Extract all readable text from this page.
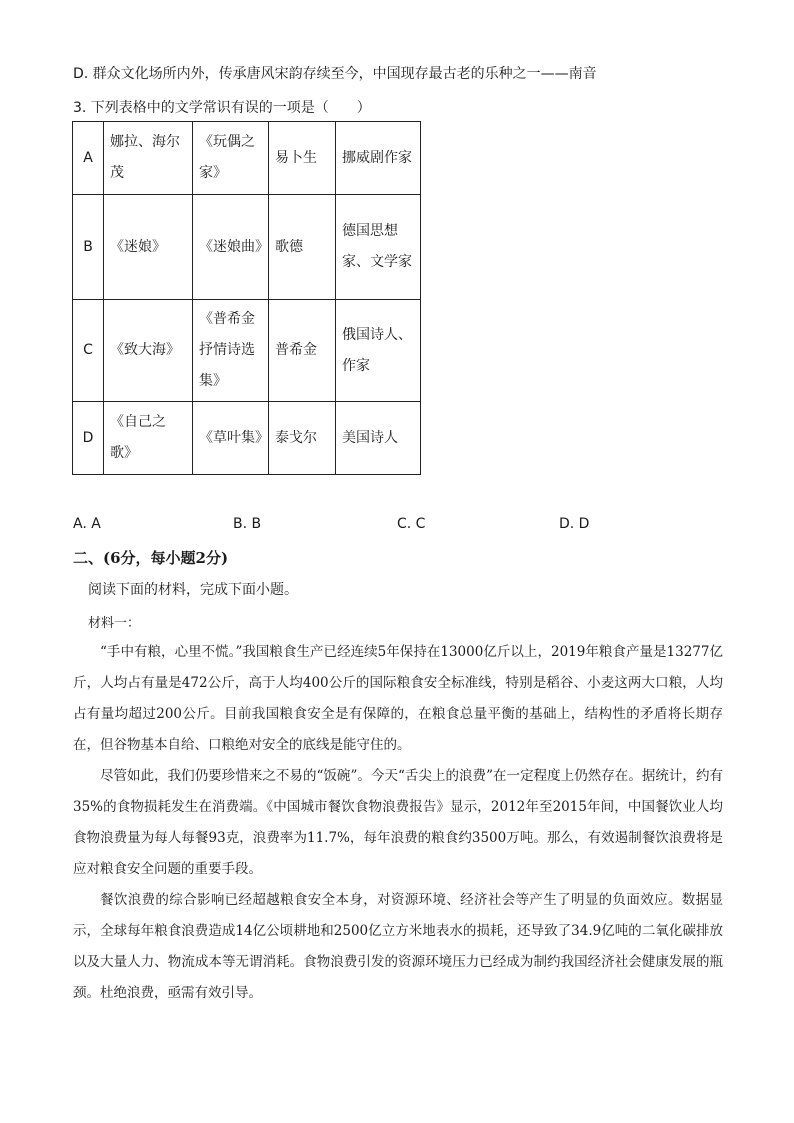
D. 群众文化场所内外，传承唐风宋韵存续至今，中国现存最古老的乐种之一——南音
3. 下列表格中的文学常识有误的一项是（　　）
A	娜拉、海尔茂	《玩偶之家》	易卜生	挪威剧作家
B	《迷娘》	《迷娘曲》	歌德	德国思想家、文学家
C	《致大海》	《普希金抒情诗选集》	普希金	俄国诗人、作家
D	《自己之歌》	《草叶集》	泰戈尔	美国诗人
A. A	B. B	C. C	D. D
二、(6分，每小题2分)
阅读下面的材料，完成下面小题。
材料一：

“手中有粮，心里不慌。”我国粮食生产已经连续5年保持在13000亿斤以上，2019年粮食产量是13277亿斤，人均占有量是472公斤，高于人均400公斤的国际粮食安全标准线，特别是稻谷、小麦这两大口粮，人均占有量均超过200公斤。目前我国粮食安全是有保障的，在粮食总量平衡的基础上，结构性的矛盾将长期存在，但谷物基本自给、口粮绝对安全的底线是能守住的。

尽管如此，我们仍要珍惜来之不易的“饭碗”。今天“舌尖上的浪费”在一定程度上仍然存在。据统计，约有35%的食物损耗发生在消费端。《中国城市餐饮食物浪费报告》显示，2012年至2015年间，中国餐饮业人均食物浪费量为每人每餐93克，浪费率为11.7%，每年浪费的粮食约3500万吨。那么，有效遏制餐饮浪费将是应对粮食安全问题的重要手段。

餐饮浪费的综合影响已经超越粮食安全本身，对资源环境、经济社会等产生了明显的负面效应。数据显示，全球每年粮食浪费造成14亿公顷耕地和2500亿立方米地表水的损耗，还导致了34.9亿吨的二氧化碳排放以及大量人力、物流成本等无谓消耗。食物浪费引发的资源环境压力已经成为制约我国经济社会健康发展的瓶颈。杜绝浪费，亟需有效引导。
